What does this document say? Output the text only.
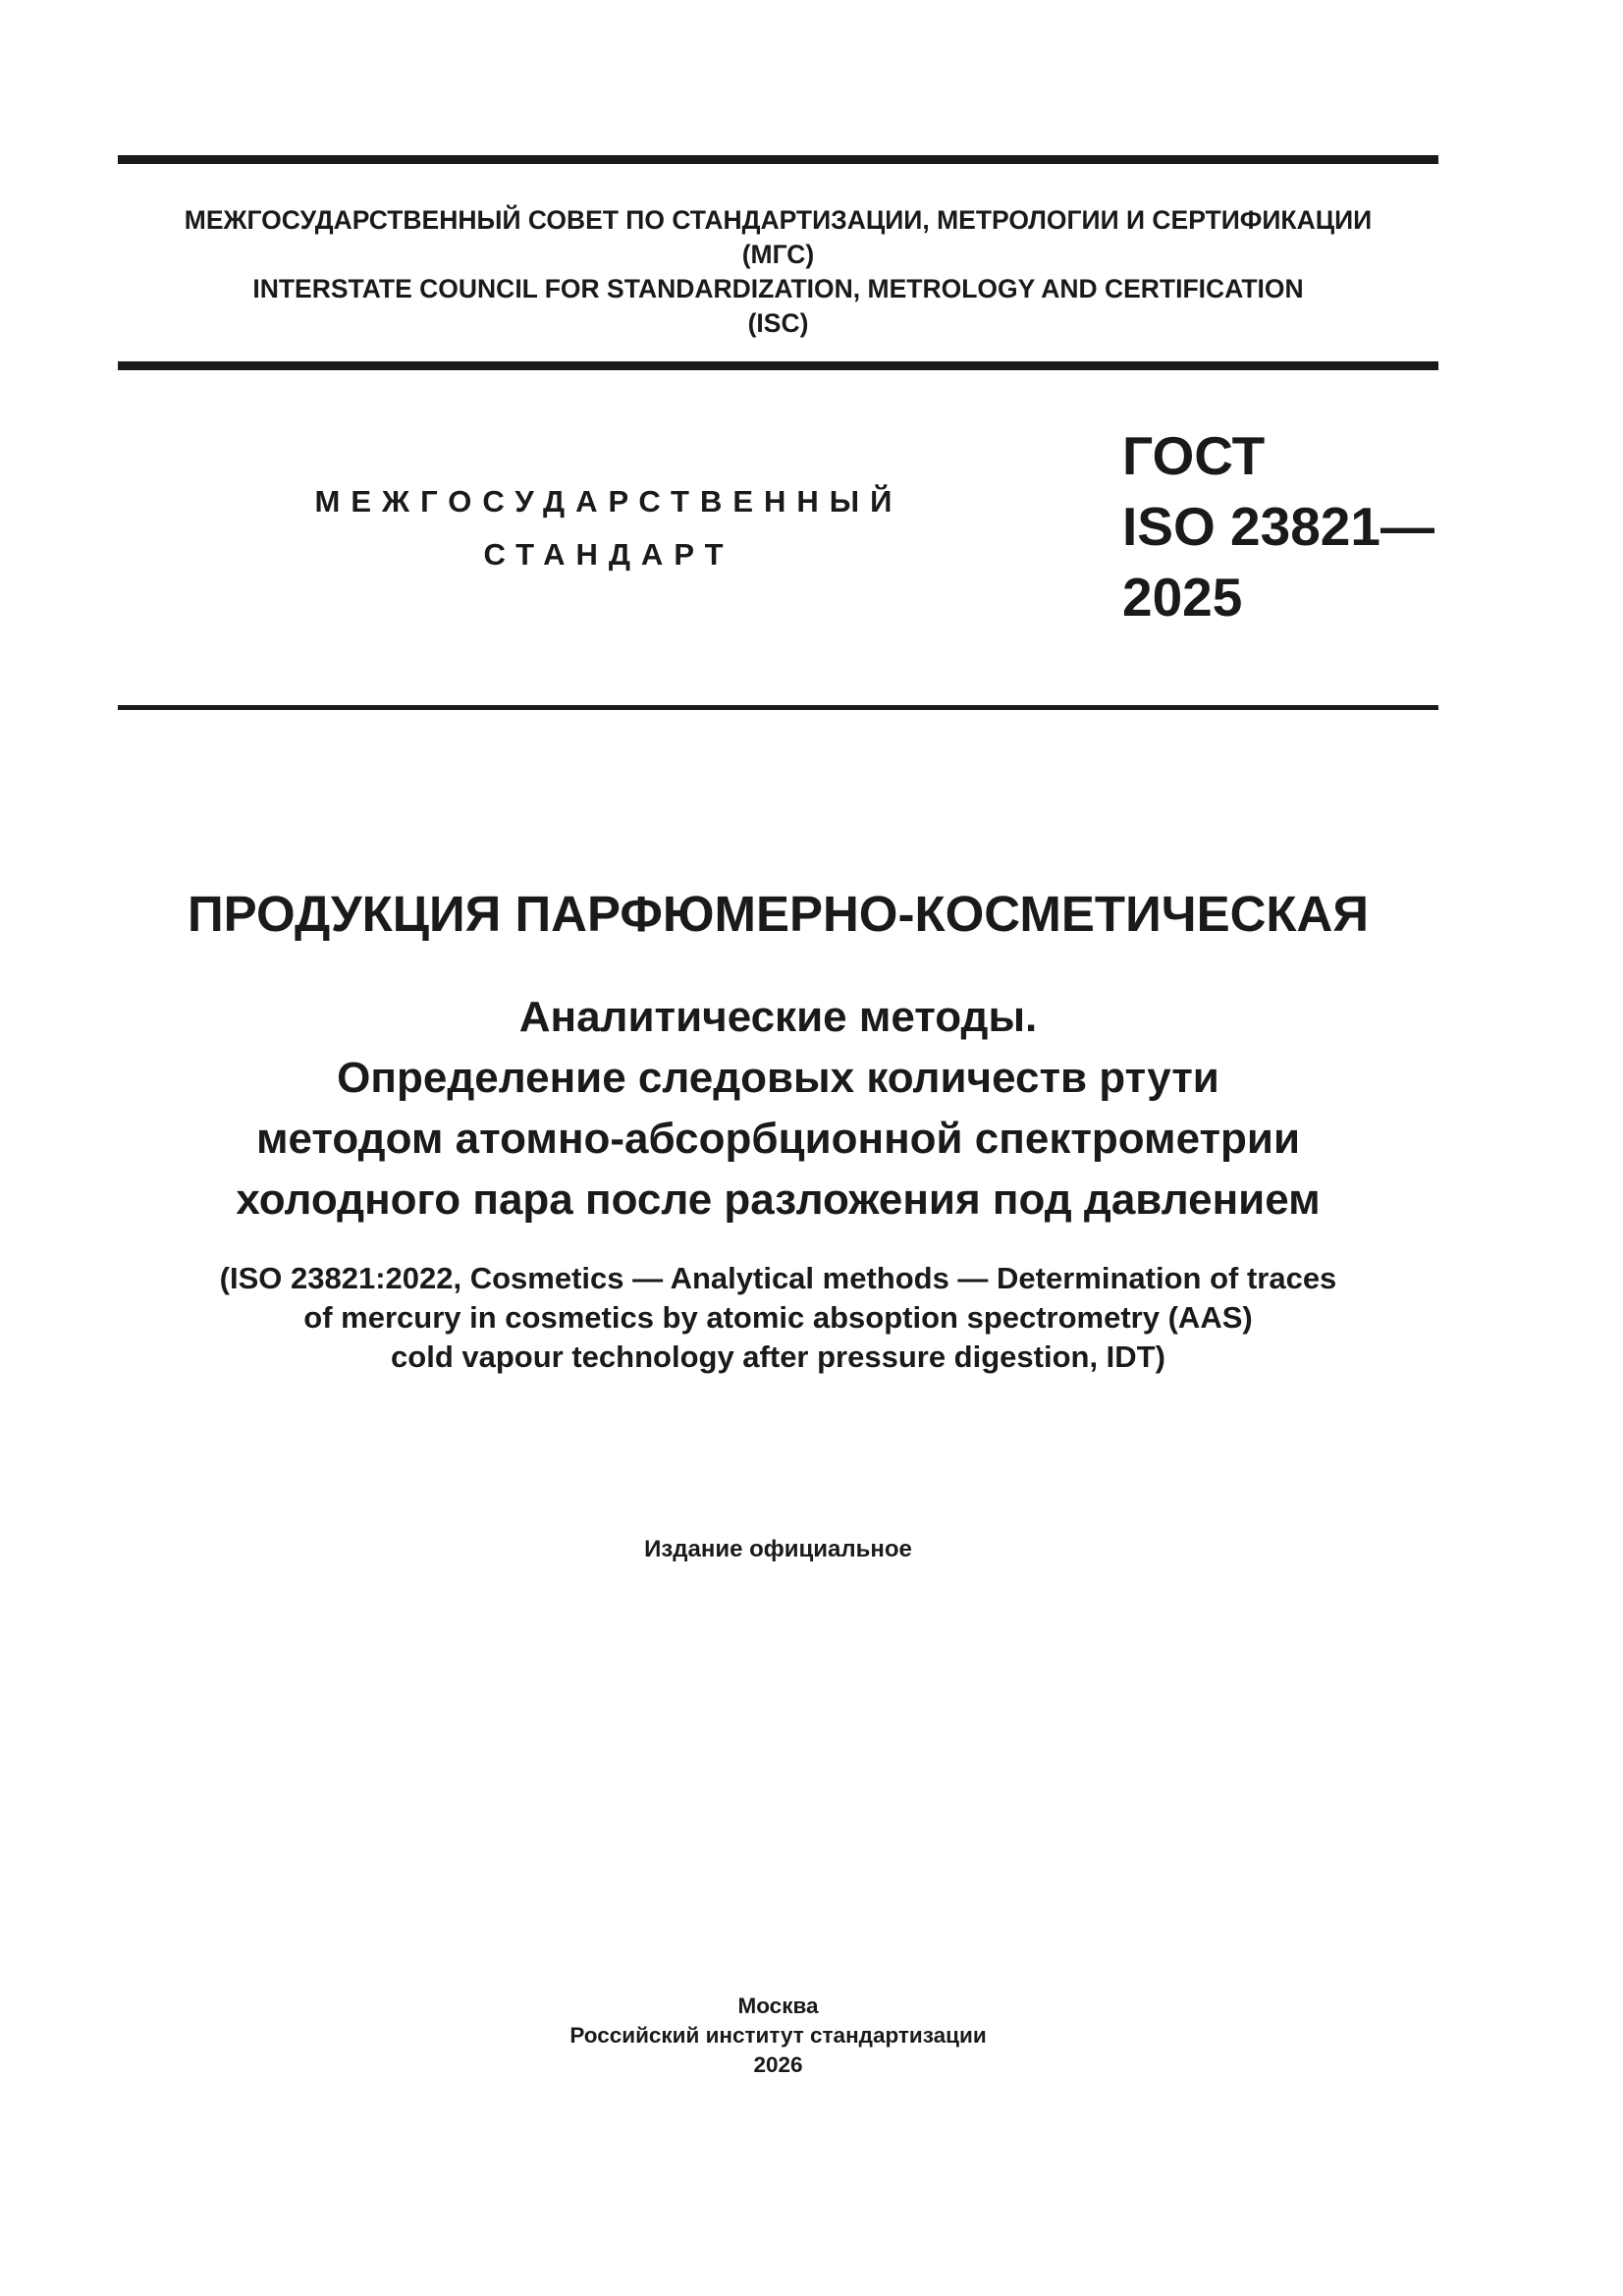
МЕЖГОСУДАРСТВЕННЫЙ СОВЕТ ПО СТАНДАРТИЗАЦИИ, МЕТРОЛОГИИ И СЕРТИФИКАЦИИ
(МГС)
INTERSTATE COUNCIL FOR STANDARDIZATION, METROLOGY AND CERTIFICATION
(ISC)
МЕЖГОСУДАРСТВЕННЫЙ
СТАНДАРТ
ГОСТ
ISO 23821—
2025
ПРОДУКЦИЯ ПАРФЮМЕРНО-КОСМЕТИЧЕСКАЯ
Аналитические методы.
Определение следовых количеств ртути
методом атомно-абсорбционной спектрометрии
холодного пара после разложения под давлением
(ISO 23821:2022, Cosmetics — Analytical methods — Determination of traces
of mercury in cosmetics by atomic absoption spectrometry (AAS)
cold vapour technology after pressure digestion, IDT)
Издание официальное
Москва
Российский институт стандартизации
2026
